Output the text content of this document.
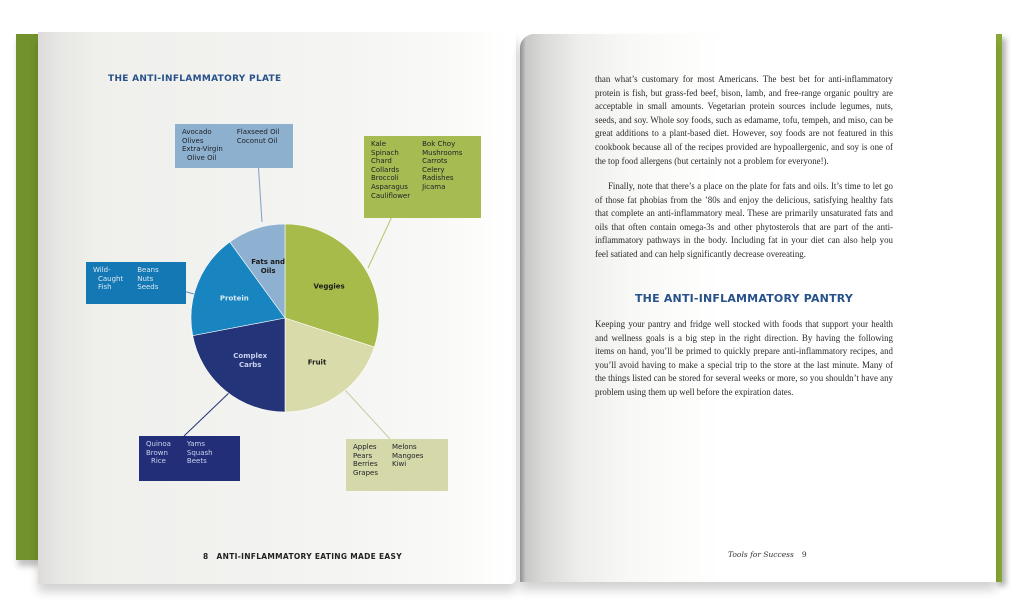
THE ANTI-INFLAMMATORY PLATE
Veggies
Fruit
Complex Carbs
Protein
Fats and Oils
Avocado
Olives
Extra-Virgin
Olive Oil
Flaxseed Oil
Coconut Oil	Kale
Spinach
Chard
Collards
Broccoli
Asparagus
Cauliflower
Bok Choy
Mushrooms
Carrots
Celery
Radishes
Jicama
Wild-
Caught
Fish
Beans
Nuts
Seeds
Quinoa
Brown
Rice
Yams
Squash
Beets
Apples
Pears
Berries
Grapes
Melons
Mangoes
Kiwi
8 ANTI-INFLAMMATORY EATING MADE EASY

than what’s customary for most Americans. The best bet for anti-inflammatory protein is fish, but grass-fed beef, bison, lamb, and free-range organic poultry are acceptable in small amounts. Vegetarian protein sources include legumes, nuts, seeds, and soy. Whole soy foods, such as edamame, tofu, tempeh, and miso, can be great additions to a plant-based diet. However, soy foods are not featured in this cookbook because all of the recipes provided are hypoallergenic, and soy is one of the top food allergens (but certainly not a problem for everyone!).

Finally, note that there’s a place on the plate for fats and oils. It’s time to let go of those fat phobias from the ’80s and enjoy the delicious, satisfying healthy fats that complete an anti-inflammatory meal. These are primarily unsaturated fats and oils that often contain omega-3s and other phytosterols that are part of the anti-inflammatory pathways in the body. Including fat in your diet can also help you feel satiated and can help significantly decrease overeating.

THE ANTI-INFLAMMATORY PANTRY

Keeping your pantry and fridge well stocked with foods that support your health and wellness goals is a big step in the right direction. By having the following items on hand, you’ll be primed to quickly prepare anti-inflammatory recipes, and you’ll avoid having to make a special trip to the store at the last minute. Many of the things listed can be stored for several weeks or more, so you shouldn’t have any problem using them up well before the expiration dates.

Tools for Success 9
